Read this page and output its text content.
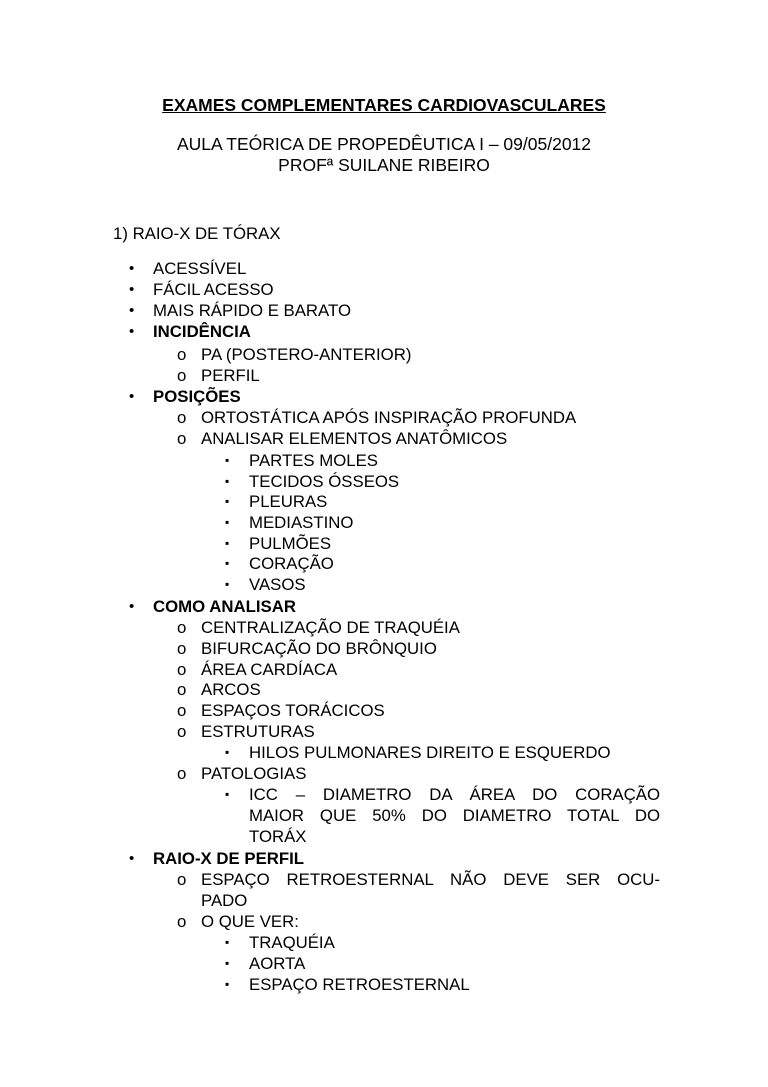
EXAMES COMPLEMENTARES CARDIOVASCULARES
AULA TEÓRICA DE PROPEDÊUTICA I – 09/05/2012
PROFª SUILANE RIBEIRO
1) RAIO-X DE TÓRAX
• ACESSÍVEL
• FÁCIL ACESSO
• MAIS RÁPIDO E BARATO
• INCIDÊNCIA
o PA (POSTERO-ANTERIOR)
o PERFIL
• POSIÇÕES
o ORTOSTÁTICA APÓS INSPIRAÇÃO PROFUNDA
o ANALISAR ELEMENTOS ANATÔMICOS
▪ PARTES MOLES
▪ TECIDOS ÓSSEOS
▪ PLEURAS
▪ MEDIASTINO
▪ PULMÕES
▪ CORAÇÃO
▪ VASOS
• COMO ANALISAR
o CENTRALIZAÇÃO DE TRAQUÉIA
o BIFURCAÇÃO DO BRÔNQUIO
o ÁREA CARDÍACA
o ARCOS
o ESPAÇOS TORÁCICOS
o ESTRUTURAS
▪ HILOS PULMONARES DIREITO E ESQUERDO
o PATOLOGIAS
▪ ICC – DIAMETRO DA ÁREA DO CORAÇÃO
MAIOR QUE 50% DO DIAMETRO TOTAL DO
TORÁX
• RAIO-X DE PERFIL
o ESPAÇO RETROESTERNAL NÃO DEVE SER OCU-
PADO
o O QUE VER:
▪ TRAQUÉIA
▪ AORTA
▪ ESPAÇO RETROESTERNAL
